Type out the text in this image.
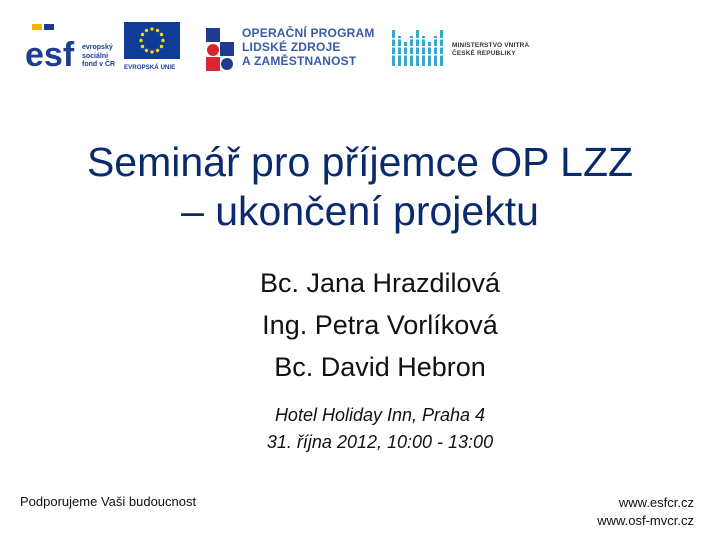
esf evropský
sociální
fond v ČR EVROPSKÁ UNIE
OPERAČNÍ PROGRAM
LIDSKÉ ZDROJE
A ZAMĚSTNANOST
MINISTERSTVO VNITRA
ČESKÉ REPUBLIKY
Seminář pro příjemce OP LZZ
– ukončení projektu
Bc. Jana Hrazdilová
Ing. Petra Vorlíková
Bc. David Hebron
Hotel Holiday Inn, Praha 4
31. října 2012, 10:00 - 13:00
Podporujeme Vaši budoucnost	www.esfcr.cz
www.osf-mvcr.cz
